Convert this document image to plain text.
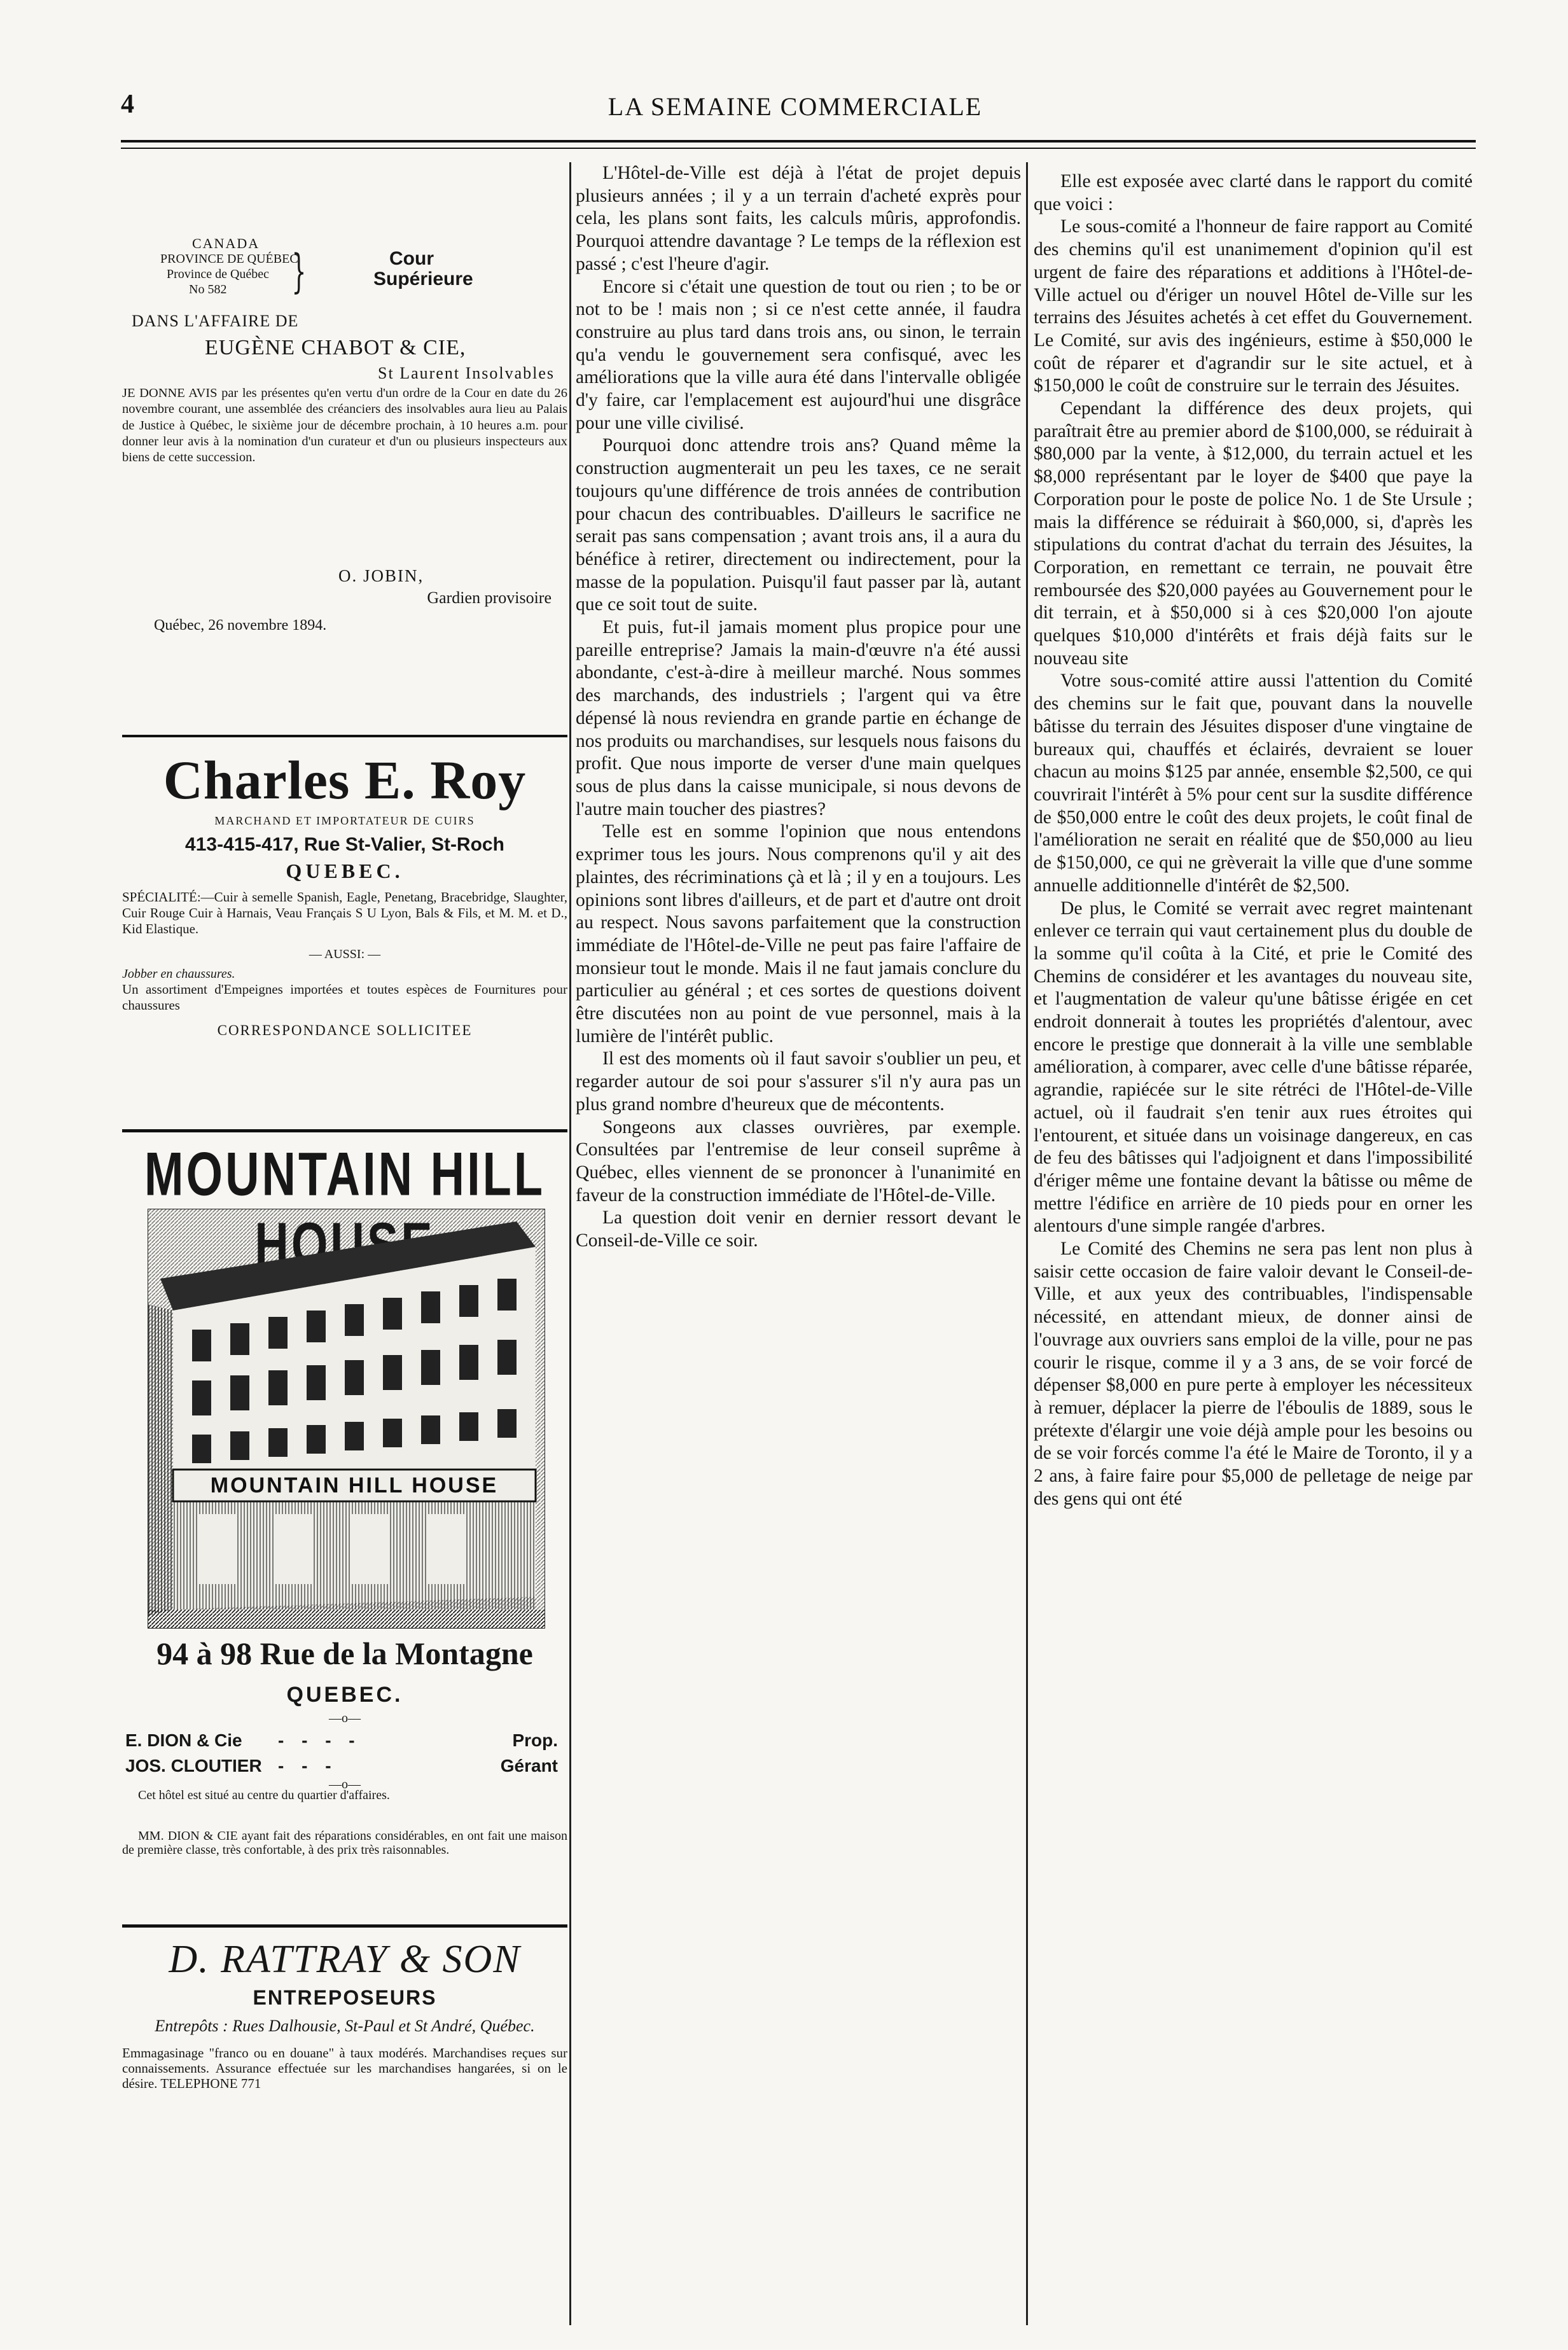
4	LA SEMAINE COMMERCIALE
CANADA
PROVINCE DE QUÉBEC
Province de Québec
No 582 }	Cour
Supérieure
DANS L'AFFAIRE DE
EUGÈNE CHABOT & CIE,
St Laurent Insolvables
JE DONNE AVIS par les présentes qu'en vertu d'un ordre de la Cour en date du 26 novembre courant, une assemblée des créanciers des insolvables aura lieu au Palais de Justice à Québec, le sixième jour de décembre prochain, à 10 heures a.m. pour donner leur avis à la nomination d'un curateur et d'un ou plusieurs inspecteurs aux biens de cette succession.
O. JOBIN,
Gardien provisoire
Québec, 26 novembre 1894.
Charles E. Roy
MARCHAND ET IMPORTATEUR DE CUIRS
413-415-417, Rue St-Valier, St-Roch
QUEBEC.
SPÉCIALITÉ:—Cuir à semelle Spanish, Eagle, Penetang, Bracebridge, Slaughter, Cuir Rouge Cuir à Harnais, Veau Français S U Lyon, Bals & Fils, et M. M. et D., Kid Elastique.
— AUSSI: —
Jobber en chaussures.
Un assortiment d'Empeignes importées et toutes espèces de Fournitures pour chaussures
CORRESPONDANCE SOLLICITEE
MOUNTAIN HILL
MOUNTAIN HILL HOUSE
94 à 98 Rue de la Montagne
QUEBEC.
—o—
E. DION & Cie - - - -	Prop.
JOS. CLOUTIER - - -	Gérant
—o—
Cet hôtel est situé au centre du quartier d'affaires.
MM. DION & CIE ayant fait des réparations considérables, en ont fait une maison de première classe, très confortable, à des prix très raisonnables.
D. RATTRAY & SON
ENTREPOSEURS
Entrepôts : Rues Dalhousie, St-Paul et St André, Québec.
Emmagasinage "franco ou en douane" à taux modérés. Marchandises reçues sur connaissements. Assurance effectuée sur les marchandises hangarées, si on le désire. TELEPHONE 771

L'Hôtel-de-Ville est déjà à l'état de projet depuis plusieurs années ; il y a un terrain d'acheté exprès pour cela, les plans sont faits, les calculs mûris, approfondis. Pourquoi attendre davantage ? Le temps de la réflexion est passé ; c'est l'heure d'agir.

Encore si c'était une question de tout ou rien ; to be or not to be ! mais non ; si ce n'est cette année, il faudra construire au plus tard dans trois ans, ou sinon, le terrain qu'a vendu le gouvernement sera confisqué, avec les améliorations que la ville aura été dans l'intervalle obligée d'y faire, car l'emplacement est aujourd'hui une disgrâce pour une ville civilisé.

Pourquoi donc attendre trois ans? Quand même la construction augmenterait un peu les taxes, ce ne serait toujours qu'une différence de trois années de contribution pour chacun des contribuables. D'ailleurs le sacrifice ne serait pas sans compensation ; avant trois ans, il a aura du bénéfice à retirer, directement ou indirectement, pour la masse de la population. Puisqu'il faut passer par là, autant que ce soit tout de suite.

Et puis, fut-il jamais moment plus propice pour une pareille entreprise? Jamais la main-d'œuvre n'a été aussi abondante, c'est-à-dire à meilleur marché. Nous sommes des marchands, des industriels ; l'argent qui va être dépensé là nous reviendra en grande partie en échange de nos produits ou marchandises, sur lesquels nous faisons du profit. Que nous importe de verser d'une main quelques sous de plus dans la caisse municipale, si nous devons de l'autre main toucher des piastres?

Telle est en somme l'opinion que nous entendons exprimer tous les jours. Nous comprenons qu'il y ait des plaintes, des récriminations çà et là ; il y en a toujours. Les opinions sont libres d'ailleurs, et de part et d'autre ont droit au respect. Nous savons parfaitement que la construction immédiate de l'Hôtel-de-Ville ne peut pas faire l'affaire de monsieur tout le monde. Mais il ne faut jamais conclure du particulier au général ; et ces sortes de questions doivent être discutées non au point de vue personnel, mais à la lumière de l'intérêt public.

Il est des moments où il faut savoir s'oublier un peu, et regarder autour de soi pour s'assurer s'il n'y aura pas un plus grand nombre d'heureux que de mécontents.

Songeons aux classes ouvrières, par exemple. Consultées par l'entremise de leur conseil suprême à Québec, elles viennent de se prononcer à l'unanimité en faveur de la construction immédiate de l'Hôtel-de-Ville.

La question doit venir en dernier ressort devant le Conseil-de-Ville ce soir.

Elle est exposée avec clarté dans le rapport du comité que voici :

Le sous-comité a l'honneur de faire rapport au Comité des chemins qu'il est unanimement d'opinion qu'il est urgent de faire des réparations et additions à l'Hôtel-de-Ville actuel ou d'ériger un nouvel Hôtel de-Ville sur les terrains des Jésuites achetés à cet effet du Gouvernement. Le Comité, sur avis des ingénieurs, estime à $50,000 le coût de réparer et d'agrandir sur le site actuel, et à $150,000 le coût de construire sur le terrain des Jésuites.

Cependant la différence des deux projets, qui paraîtrait être au premier abord de $100,000, se réduirait à $80,000 par la vente, à $12,000, du terrain actuel et les $8,000 représentant par le loyer de $400 que paye la Corporation pour le poste de police No. 1 de Ste Ursule ; mais la différence se réduirait à $60,000, si, d'après les stipulations du contrat d'achat du terrain des Jésuites, la Corporation, en remettant ce terrain, ne pouvait être remboursée des $20,000 payées au Gouvernement pour le dit terrain, et à $50,000 si à ces $20,000 l'on ajoute quelques $10,000 d'intérêts et frais déjà faits sur le nouveau site

Votre sous-comité attire aussi l'attention du Comité des chemins sur le fait que, pouvant dans la nouvelle bâtisse du terrain des Jésuites disposer d'une vingtaine de bureaux qui, chauffés et éclairés, devraient se louer chacun au moins $125 par année, ensemble $2,500, ce qui couvrirait l'intérêt à 5% pour cent sur la susdite différence de $50,000 entre le coût des deux projets, le coût final de l'amélioration ne serait en réalité que de $50,000 au lieu de $150,000, ce qui ne grèverait la ville que d'une somme annuelle additionnelle d'intérêt de $2,500.

De plus, le Comité se verrait avec regret maintenant enlever ce terrain qui vaut certainement plus du double de la somme qu'il coûta à la Cité, et prie le Comité des Chemins de considérer et les avantages du nouveau site, et l'augmentation de valeur qu'une bâtisse érigée en cet endroit donnerait à toutes les propriétés d'alentour, avec encore le prestige que donnerait à la ville une semblable amélioration, à comparer, avec celle d'une bâtisse réparée, agrandie, rapiécée sur le site rétréci de l'Hôtel-de-Ville actuel, où il faudrait s'en tenir aux rues étroites qui l'entourent, et située dans un voisinage dangereux, en cas de feu des bâtisses qui l'adjoignent et dans l'impossibilité d'ériger même une fontaine devant la bâtisse ou même de mettre l'édifice en arrière de 10 pieds pour en orner les alentours d'une simple rangée d'arbres.

Le Comité des Chemins ne sera pas lent non plus à saisir cette occasion de faire valoir devant le Conseil-de-Ville, et aux yeux des contribuables, l'indispensable nécessité, en attendant mieux, de donner ainsi de l'ouvrage aux ouvriers sans emploi de la ville, pour ne pas courir le risque, comme il y a 3 ans, de se voir forcé de dépenser $8,000 en pure perte à employer les nécessiteux à remuer, déplacer la pierre de l'éboulis de 1889, sous le prétexte d'élargir une voie déjà ample pour les besoins ou de se voir forcés comme l'a été le Maire de Toronto, il y a 2 ans, à faire faire pour $5,000 de pelletage de neige par des gens qui ont été
